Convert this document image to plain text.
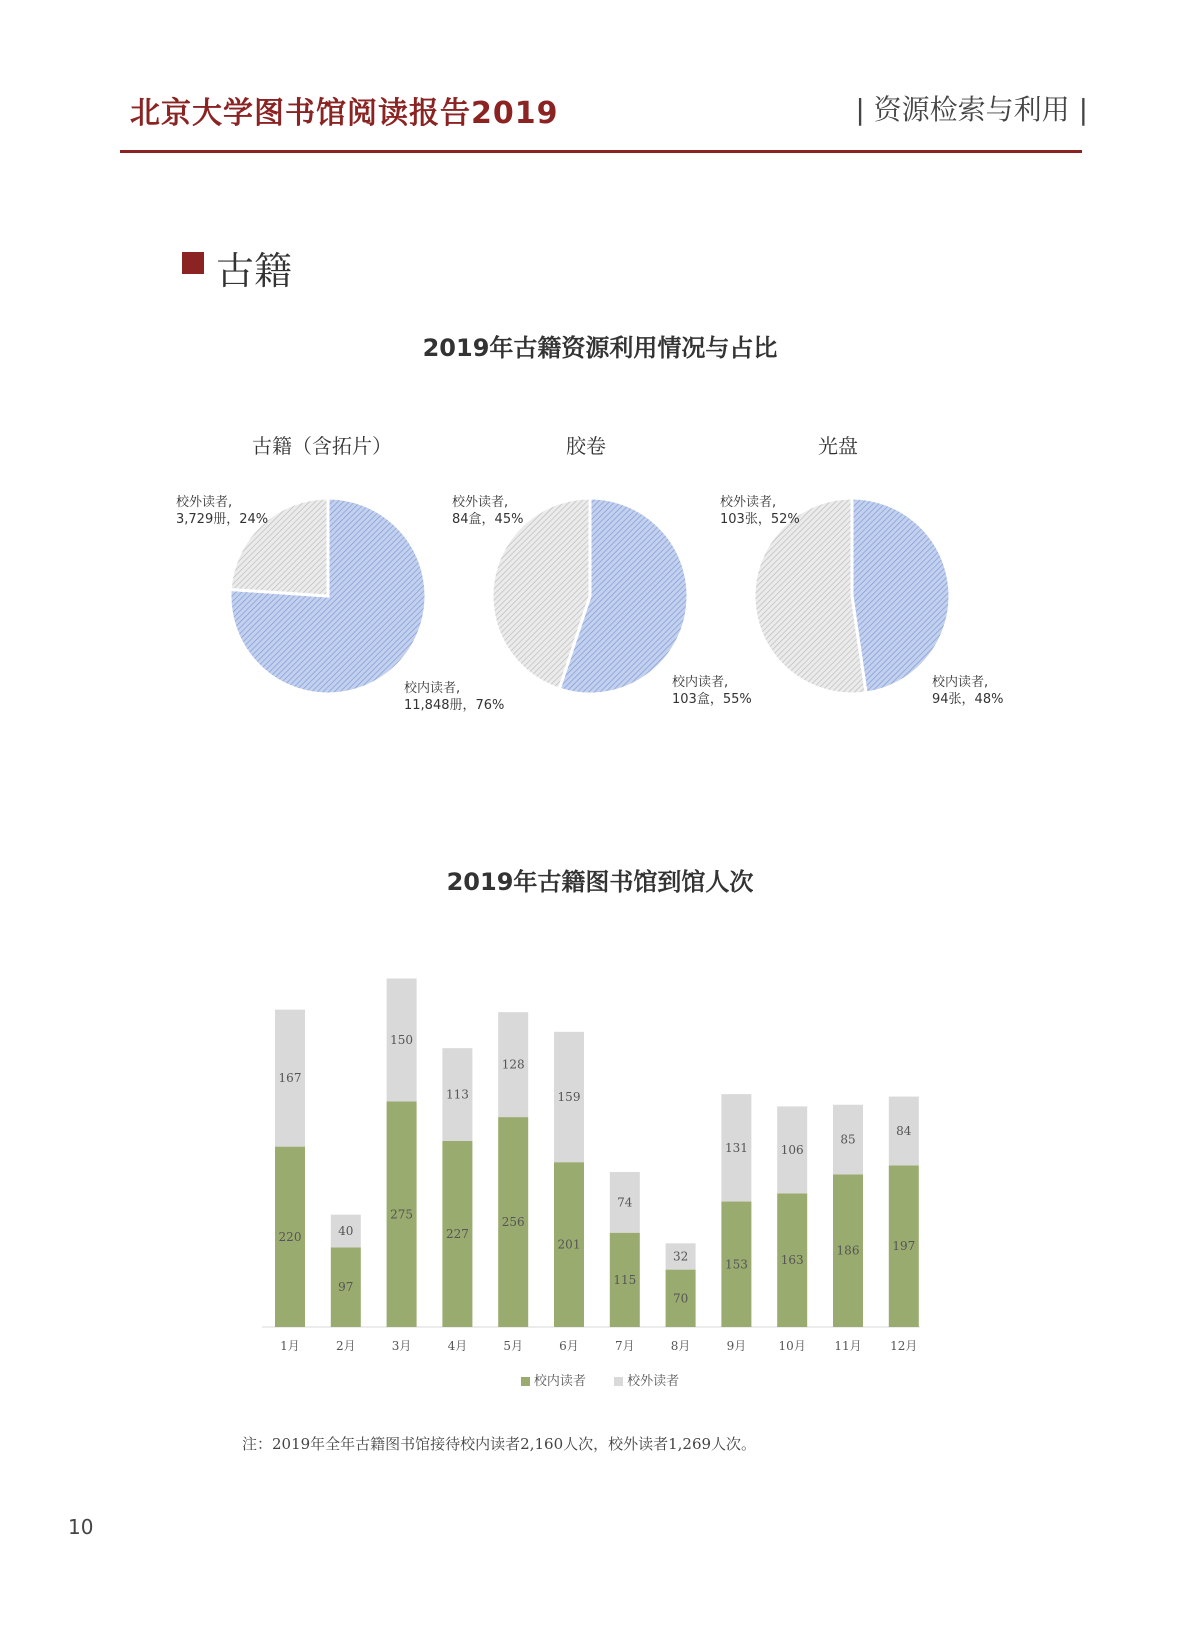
北京大学图书馆阅读报告2019	| 资源检索与利用 |
古籍
2019年古籍资源利用情况与占比
古籍（含拓片）	胶卷	光盘
校外读者,
3,729册，24%
校内读者,
11,848册，76%
校外读者,
84盒，45%
校内读者,
103盒，55%
校外读者,
103张，52%
校内读者,
94张，48%
2019年古籍图书馆到馆人次
220
167
1月
97
40
2月
275
150
3月
227
113
4月
256
128
5月
201
159
6月
115
74
7月
70
32
8月
153
131
9月
163
106
10月
186
85
11月
197
84
12月
校内读者	校外读者
注：2019年全年古籍图书馆接待校内读者2,160人次，校外读者1,269人次。
10
